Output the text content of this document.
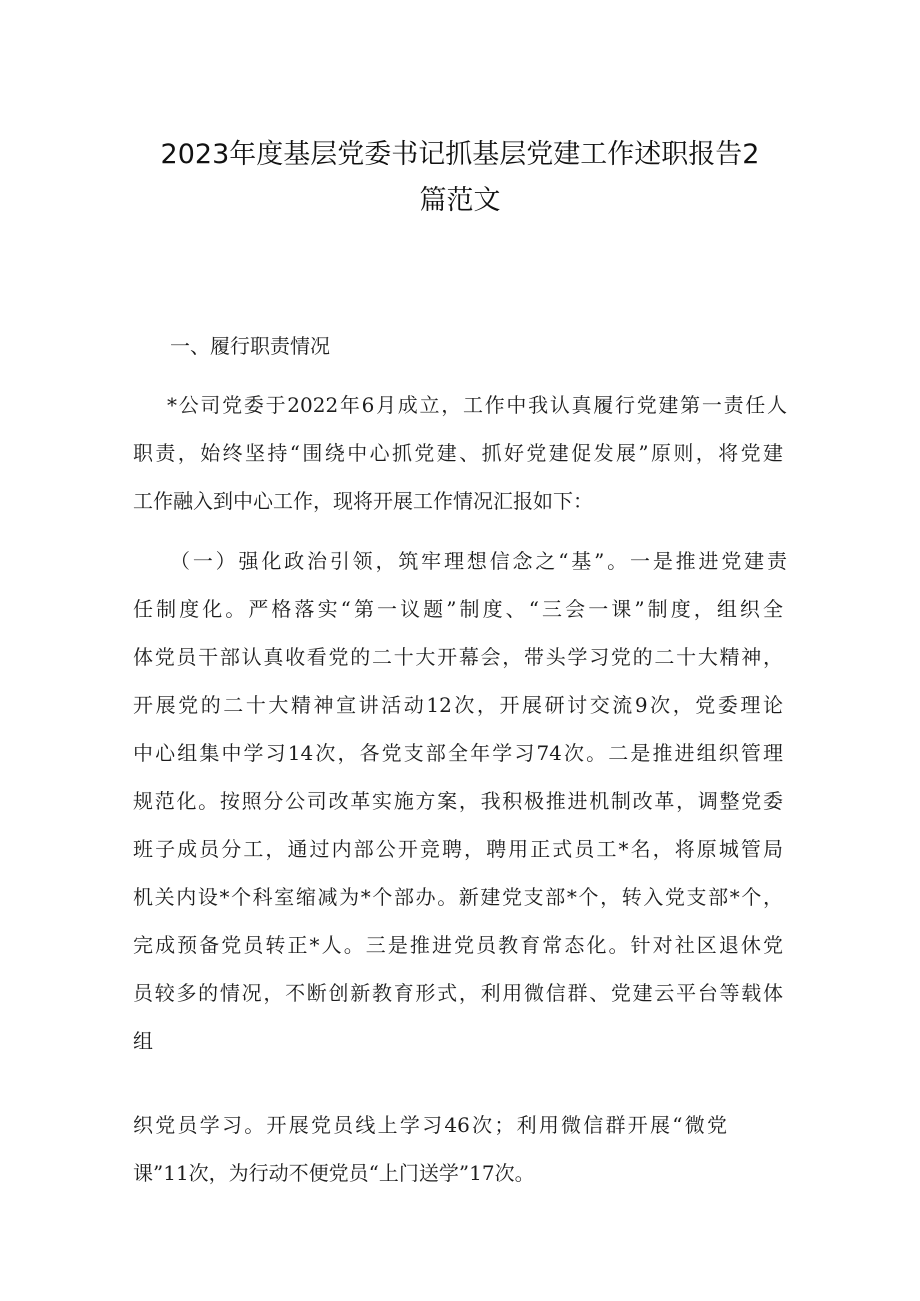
2023年度基层党委书记抓基层党建工作述职报告2
篇范文
一、履行职责情况
*公司党委于2022年6月成立，工作中我认真履行党建第一责任人
职责，始终坚持“围绕中心抓党建、抓好党建促发展”原则，将党建
工作融入到中心工作，现将开展工作情况汇报如下：
（一）强化政治引领，筑牢理想信念之“基”。一是推进党建责
任制度化。严格落实“第一议题”制度、“三会一课”制度，组织全
体党员干部认真收看党的二十大开幕会，带头学习党的二十大精神，
开展党的二十大精神宣讲活动12次，开展研讨交流9次，党委理论
中心组集中学习14次，各党支部全年学习74次。二是推进组织管理
规范化。按照分公司改革实施方案，我积极推进机制改革，调整党委
班子成员分工，通过内部公开竞聘，聘用正式员工*名，将原城管局
机关内设*个科室缩减为*个部办。新建党支部*个，转入党支部*个，
完成预备党员转正*人。三是推进党员教育常态化。针对社区退休党
员较多的情况，不断创新教育形式，利用微信群、党建云平台等载体
组
织党员学习。开展党员线上学习46次；利用微信群开展“微党
课”11次，为行动不便党员“上门送学”17次。
